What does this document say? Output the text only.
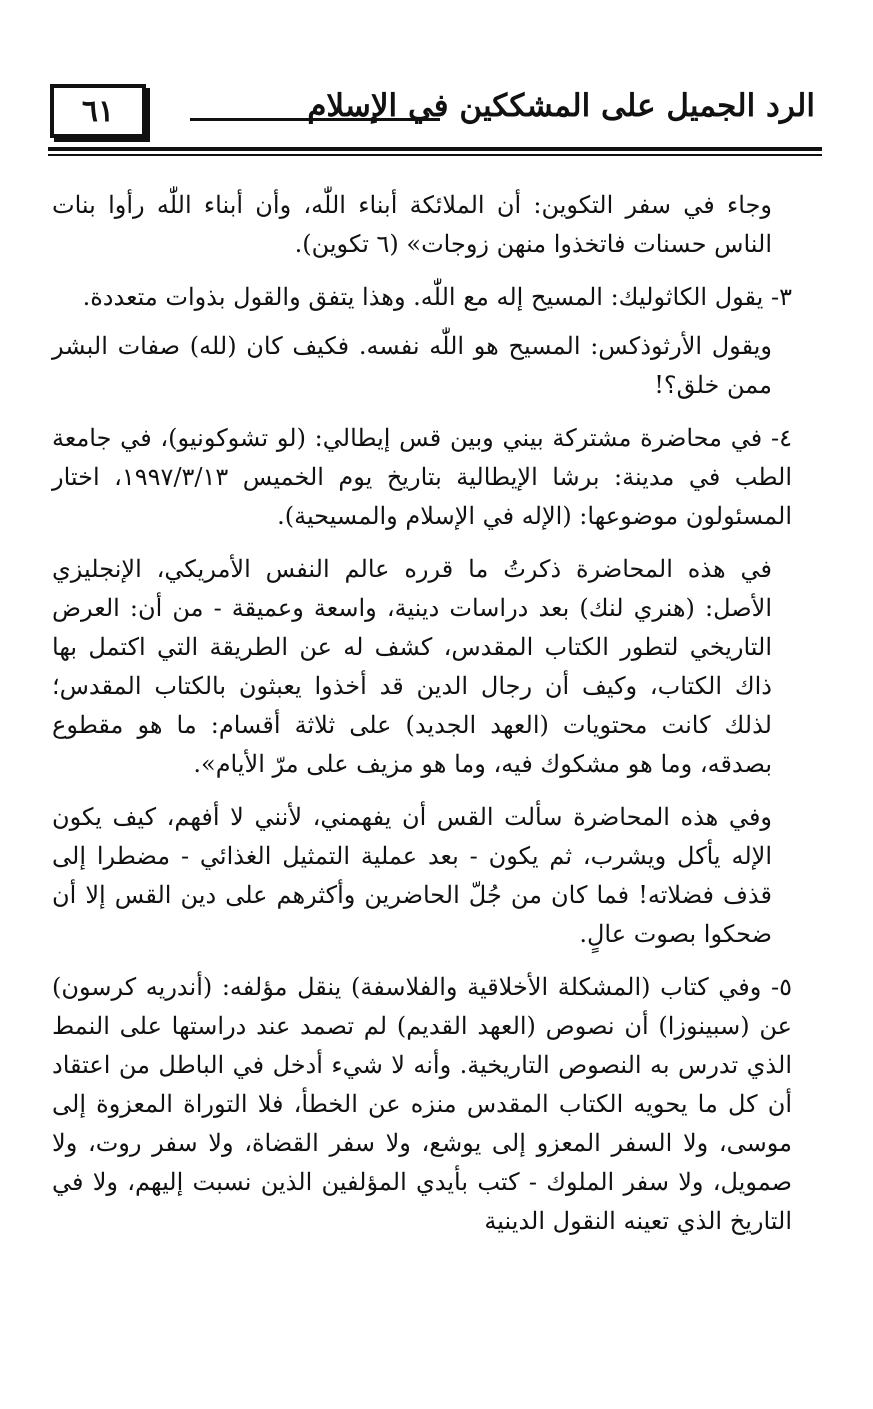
٦١	الرد الجميل على المشككين في الإسلام

وجاء في سفر التكوين: أن الملائكة أبناء اللّٰه، وأن أبناء اللّٰه رأوا بنات الناس حسنات فاتخذوا منهن زوجات» (٦ تكوين).

٣- يقول الكاثوليك: المسيح إله مع اللّٰه. وهذا يتفق والقول بذوات متعددة.

ويقول الأرثوذكس: المسيح هو اللّٰه نفسه. فكيف كان (لله) صفات البشر ممن خلق؟!

٤- في محاضرة مشتركة بيني وبين قس إيطالي: (لو تشوكونيو)، في جامعة الطب في مدينة: برشا الإيطالية بتاريخ يوم الخميس ١٩٩٧/٣/١٣، اختار المسئولون موضوعها: (الإله في الإسلام والمسيحية).

في هذه المحاضرة ذكرتُ ما قرره عالم النفس الأمريكي، الإنجليزي الأصل: (هنري لنك) بعد دراسات دينية، واسعة وعميقة - من أن: العرض التاريخي لتطور الكتاب المقدس، كشف له عن الطريقة التي اكتمل بها ذاك الكتاب، وكيف أن رجال الدين قد أخذوا يعبثون بالكتاب المقدس؛ لذلك كانت محتويات (العهد الجديد) على ثلاثة أقسام: ما هو مقطوع بصدقه، وما هو مشكوك فيه، وما هو مزيف على مرّ الأيام».

وفي هذه المحاضرة سألت القس أن يفهمني، لأنني لا أفهم، كيف يكون الإله يأكل ويشرب، ثم يكون - بعد عملية التمثيل الغذائي - مضطرا إلى قذف فضلاته! فما كان من جُلّ الحاضرين وأكثرهم على دين القس إلا أن ضحكوا بصوت عالٍ.

٥- وفي كتاب (المشكلة الأخلاقية والفلاسفة) ينقل مؤلفه: (أندريه كرسون) عن (سبينوزا) أن نصوص (العهد القديم) لم تصمد عند دراستها على النمط الذي تدرس به النصوص التاريخية. وأنه لا شيء أدخل في الباطل من اعتقاد أن كل ما يحويه الكتاب المقدس منزه عن الخطأ، فلا التوراة المعزوة إلى موسى، ولا السفر المعزو إلى يوشع، ولا سفر القضاة، ولا سفر روت، ولا صمويل، ولا سفر الملوك - كتب بأيدي المؤلفين الذين نسبت إليهم، ولا في التاريخ الذي تعينه النقول الدينية
